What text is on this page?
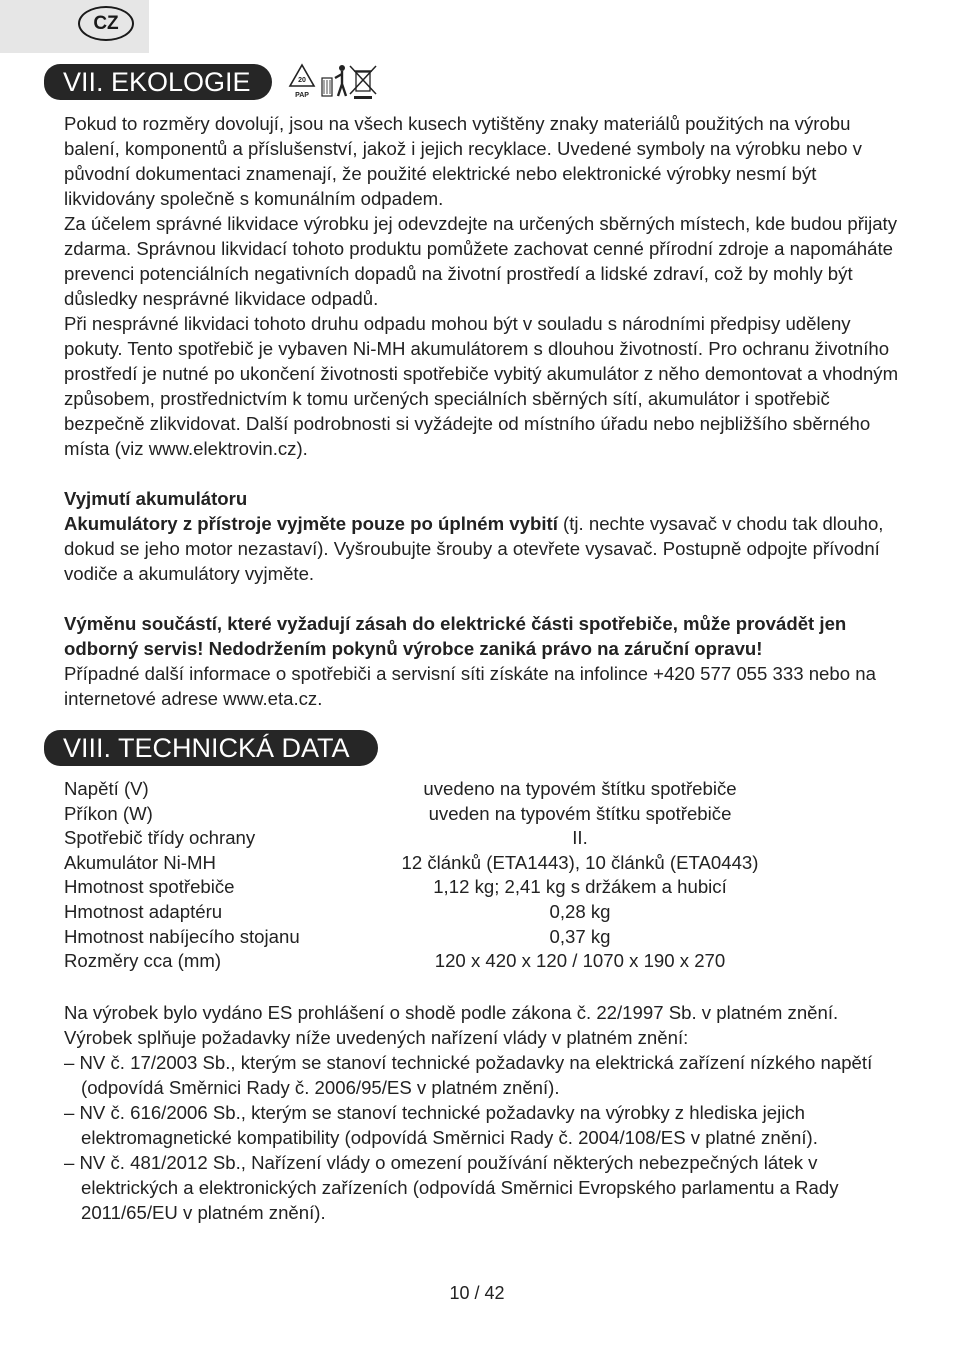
CZ
VII. EKOLOGIE	20
PAP

Pokud to rozměry dovolují, jsou na všech kusech vytištěny znaky materiálů použitých na výrobu balení, komponentů a příslušenství, jakož i jejich recyklace. Uvedené symboly na výrobku nebo v původní dokumentaci znamenají, že použité elektrické nebo elektronické výrobky nesmí být likvidovány společně s komunálním odpadem.

Za účelem správné likvidace výrobku jej odevzdejte na určených sběrných místech, kde budou přijaty zdarma. Správnou likvidací tohoto produktu pomůžete zachovat cenné přírodní zdroje a napomáháte prevenci potenciálních negativních dopadů na životní prostředí a lidské zdraví, což by mohly být důsledky nesprávné likvidace odpadů.

Při nesprávné likvidaci tohoto druhu odpadu mohou být v souladu s národními předpisy uděleny pokuty. Tento spotřebič je vybaven Ni-MH akumulátorem s dlouhou životností. Pro ochranu životního prostředí je nutné po ukončení životnosti spotřebiče vybitý akumulátor z něho demontovat a vhodným způsobem, prostřednictvím k tomu určených speciálních sběrných sítí, akumulátor i spotřebič bezpečně zlikvidovat. Další podrobnosti si vyžádejte od místního úřadu nebo nejbližšího sběrného místa (viz www.elektrovin.cz).

Vyjmutí akumulátoru

Akumulátory z přístroje vyjměte pouze po úplném vybití (tj. nechte vysavač v chodu tak dlouho, dokud se jeho motor nezastaví). Vyšroubujte šrouby a otevřete vysavač. Postupně odpojte přívodní vodiče a akumulátory vyjměte.

Výměnu součástí, které vyžadují zásah do elektrické části spotřebiče, může provádět jen odborný servis! Nedodržením pokynů výrobce zaniká právo na záruční opravu!

Případné další informace o spotřebiči a servisní síti získáte na infolince +420 577 055 333 nebo na internetové adrese www.eta.cz.

VIII. TECHNICKÁ DATA
Napětí (V)	uvedeno na typovém štítku spotřebiče
Příkon (W)	uveden na typovém štítku spotřebiče
Spotřebič třídy ochrany	II.
Akumulátor Ni-MH	12 článků (ETA1443), 10 článků (ETA0443)
Hmotnost spotřebiče	1,12 kg; 2,41 kg s držákem a hubicí
Hmotnost adaptéru	0,28 kg
Hmotnost nabíjecího stojanu	0,37 kg
Rozměry cca (mm)	120 x 420 x 120 / 1070 x 190 x 270

Na výrobek bylo vydáno ES prohlášení o shodě podle zákona č. 22/1997 Sb. v platném znění. Výrobek splňuje požadavky níže uvedených nařízení vlády v platném znění:

– NV č. 17/2003 Sb., kterým se stanoví technické požadavky na elektrická zařízení nízkého napětí (odpovídá Směrnici Rady č. 2006/95/ES v platném znění).

– NV č. 616/2006 Sb., kterým se stanoví technické požadavky na výrobky z hlediska jejich elektromagnetické kompatibility (odpovídá Směrnici Rady č. 2004/108/ES v platné znění).

– NV č. 481/2012 Sb., Nařízení vlády o omezení používání některých nebezpečných látek v elektrických a elektronických zařízeních (odpovídá Směrnici Evropského parlamentu a Rady 2011/65/EU v platném znění).

10 / 42
